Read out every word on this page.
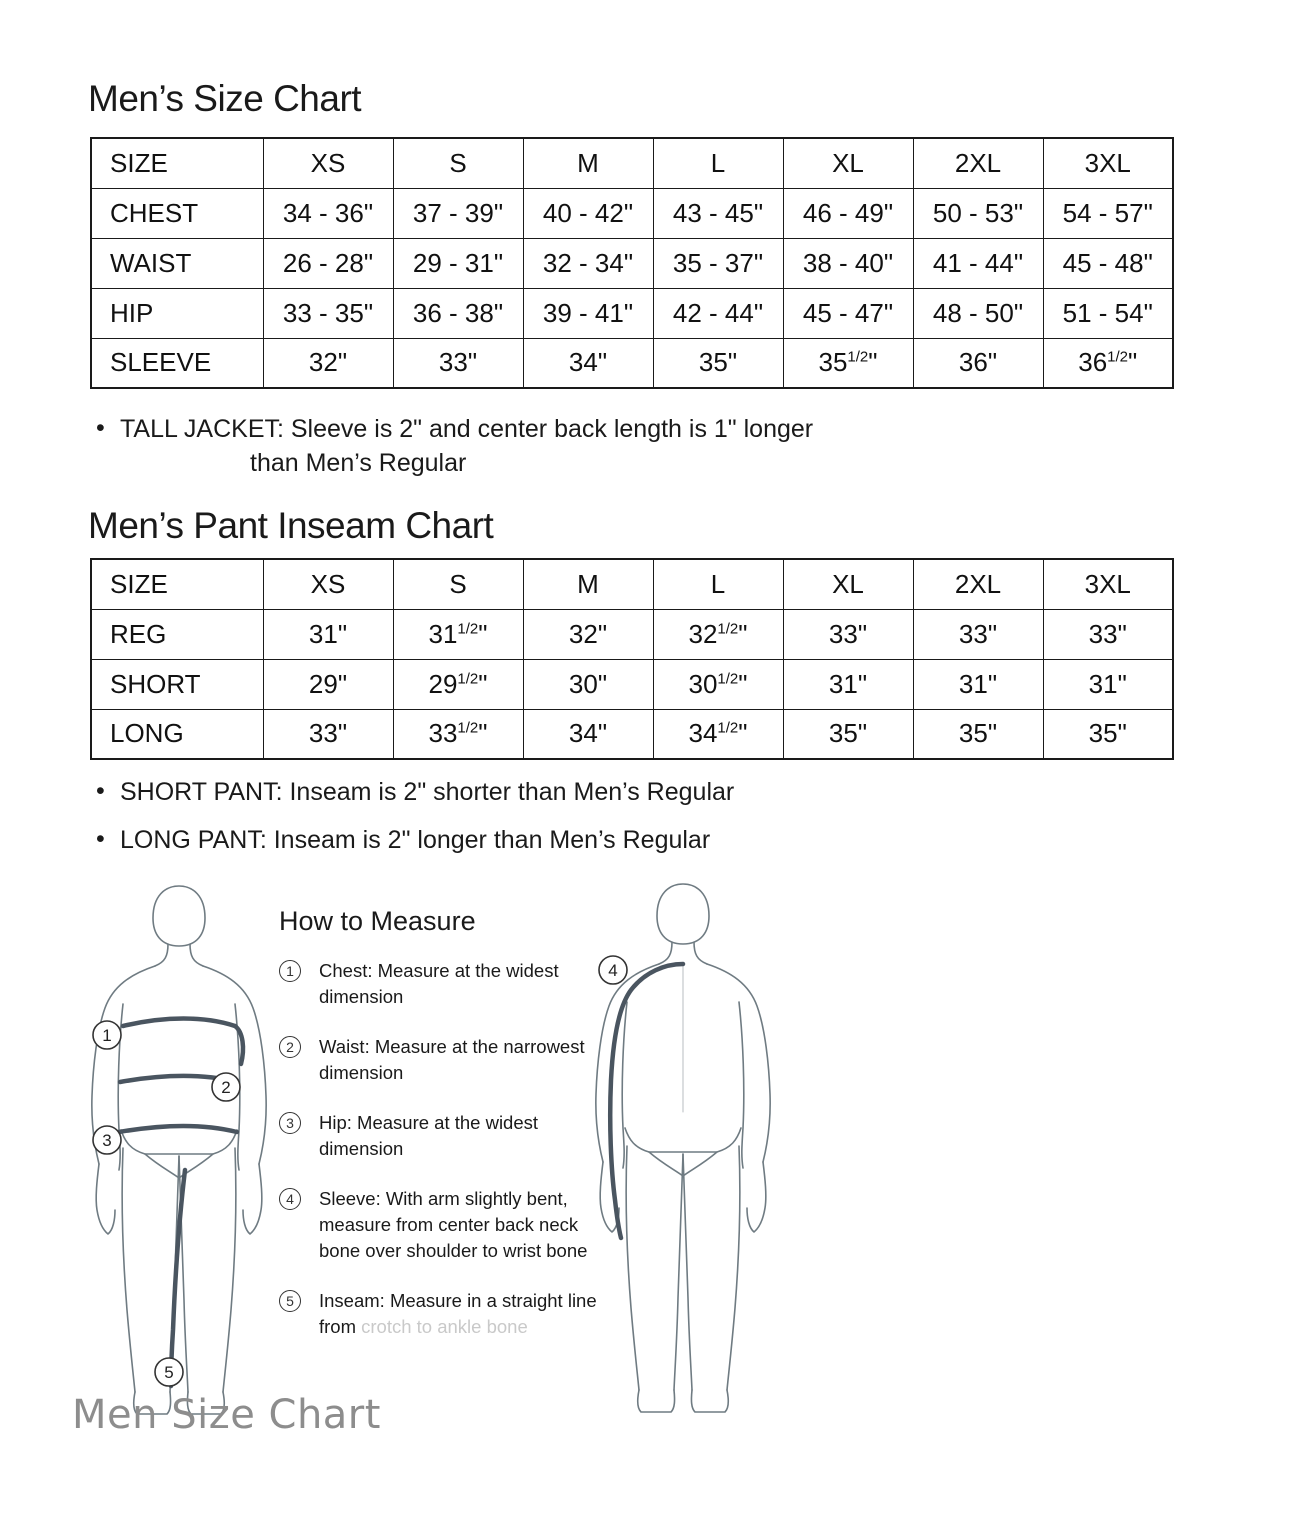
Men’s Size Chart
SIZE	XS	S	M	L	XL	2XL	3XL
CHEST	34 - 36"	37 - 39"	40 - 42"	43 - 45"	46 - 49"	50 - 53"	54 - 57"
WAIST	26 - 28"	29 - 31"	32 - 34"	35 - 37"	38 - 40"	41 - 44"	45 - 48"
HIP	33 - 35"	36 - 38"	39 - 41"	42 - 44"	45 - 47"	48 - 50"	51 - 54"
SLEEVE	32"	33"	34"	35"	$35^{1/2}$"	36"	$36^{1/2}$"
• TALL JACKET: Sleeve is 2" and center back length is 1" longer
than Men’s Regular
Men’s Pant Inseam Chart
SIZE	XS	S	M	L	XL	2XL	3XL
REG	31"	$31^{1/2}$"	32"	$32^{1/2}$"	33"	33"	33"
SHORT	29"	$29^{1/2}$"	30"	$30^{1/2}$"	31"	31"	31"
LONG	33"	$33^{1/2}$"	34"	$34^{1/2}$"	35"	35"	35"
• SHORT PANT: Inseam is 2" shorter than Men’s Regular
• LONG PANT: Inseam is 2" longer than Men’s Regular
How to Measure
1	Chest: Measure at the widest dimension
2	Waist: Measure at the narrowest dimension
3	Hip: Measure at the widest dimension
4	Sleeve: With arm slightly bent, measure from center back neck bone over shoulder to wrist bone
5	Inseam: Measure in a straight line from crotch to ankle bone
1
2
3
5
4
Men Size Chart
